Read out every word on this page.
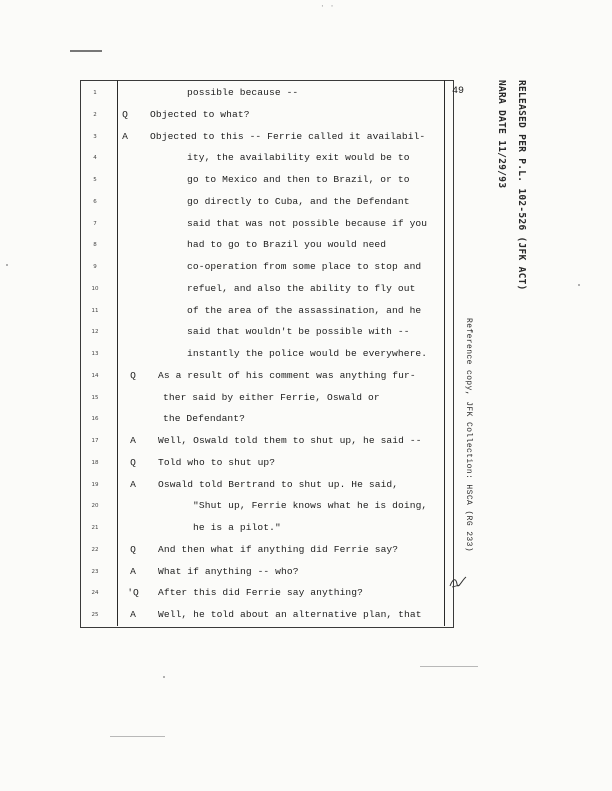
· ·
49	RELEASED PER P.L. 102-526 (JFK ACT)
NARA DATE 11/29/93
Reference copy, JFK Collection: HSCA (RG 233)
1	possible because --
2	Q	Objected to what?
3	A	Objected to this -- Ferrie called it availabil-
4	ity, the availability exit would be to
5	go to Mexico and then to Brazil, or to
6	go directly to Cuba, and the Defendant
7	said that was not possible because if you
8	had to go to Brazil you would need
9	co-operation from some place to stop and
10	refuel, and also the ability to fly out
11	of the area of the assassination, and he
12	said that wouldn't be possible with --
13	instantly the police would be everywhere.
14	Q	As a result of his comment was anything fur-
15	ther said by either Ferrie, Oswald or
16	the Defendant?
17	A	Well, Oswald told them to shut up, he said --
18	Q	Told who to shut up?
19	A	Oswald told Bertrand to shut up. He said,
20	"Shut up, Ferrie knows what he is doing,
21	he is a pilot."
22	Q	And then what if anything did Ferrie say?
23	A	What if anything -- who?
24	'Q	After this did Ferrie say anything?
25	A	Well, he told about an alternative plan, that
